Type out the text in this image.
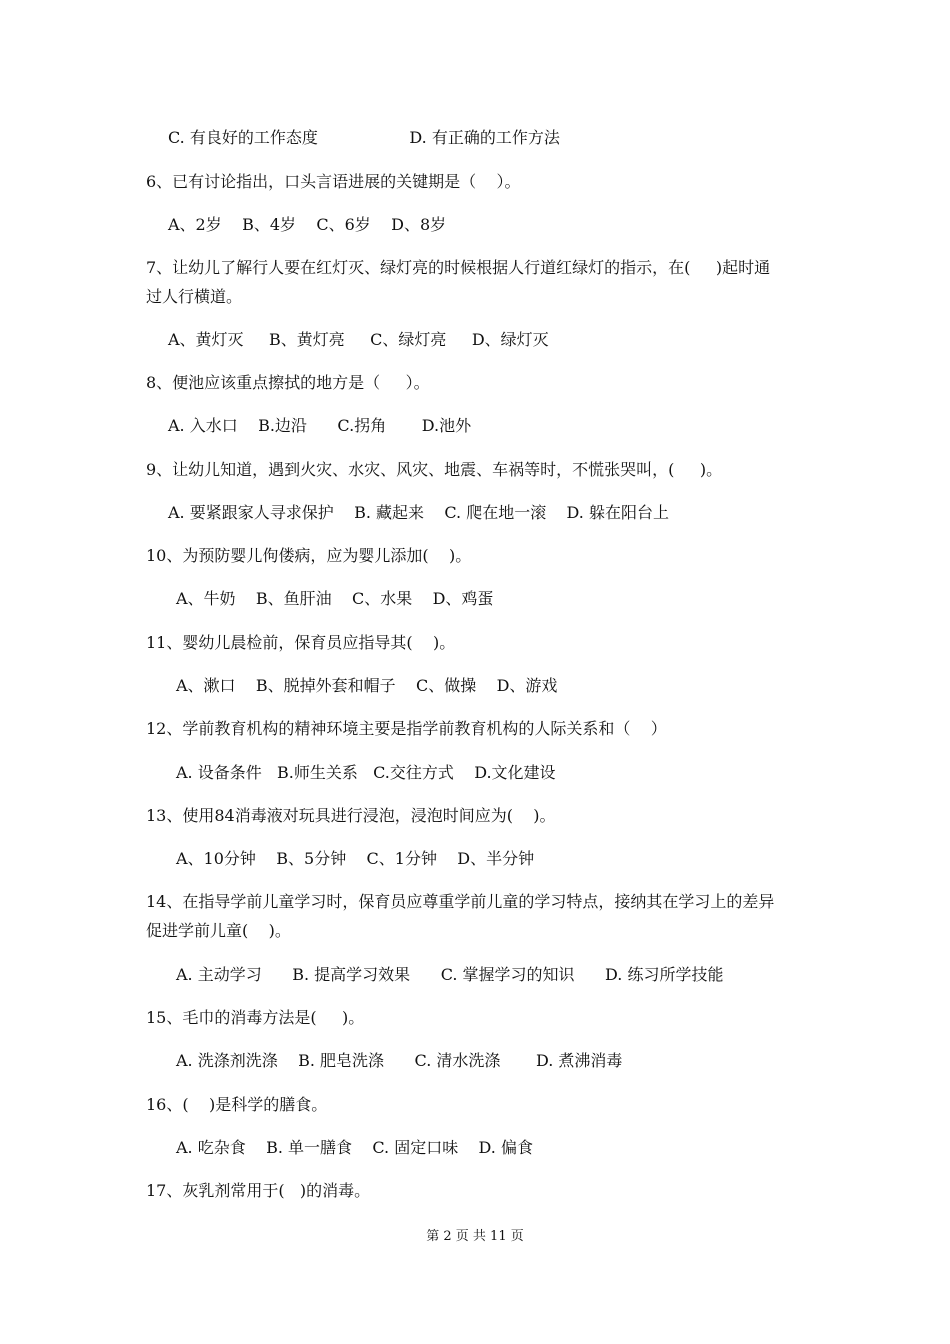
C. 有良好的工作态度                  D. 有正确的工作方法
6、已有讨论指出，口头言语进展的关键期是（    ）。
A、2岁    B、4岁    C、6岁    D、8岁
7、让幼儿了解行人要在红灯灭、绿灯亮的时候根据人行道红绿灯的指示，在(     )起时通
过人行横道。
A、黄灯灭     B、黄灯亮     C、绿灯亮     D、绿灯灭
8、便池应该重点擦拭的地方是（     ）。
A. 入水口    B.边沿      C.拐角       D.池外
9、让幼儿知道，遇到火灾、水灾、风灾、地震、车祸等时，不慌张哭叫，(     )。
A. 要紧跟家人寻求保护    B. 藏起来    C. 爬在地一滚    D. 躲在阳台上
10、为预防婴儿佝偻病，应为婴儿添加(    )。
A、牛奶    B、鱼肝油    C、水果    D、鸡蛋
11、婴幼儿晨检前，保育员应指导其(    )。
A、漱口    B、脱掉外套和帽子    C、做操    D、游戏
12、学前教育机构的精神环境主要是指学前教育机构的人际关系和（    ）
A. 设备条件   B.师生关系   C.交往方式    D.文化建设
13、使用84消毒液对玩具进行浸泡，浸泡时间应为(    )。
A、10分钟    B、5分钟    C、1分钟    D、半分钟
14、在指导学前儿童学习时，保育员应尊重学前儿童的学习特点，接纳其在学习上的差异
促进学前儿童(    )。
A. 主动学习      B. 提高学习效果      C. 掌握学习的知识      D. 练习所学技能
15、毛巾的消毒方法是(     )。
A. 洗涤剂洗涤    B. 肥皂洗涤      C. 清水洗涤       D. 煮沸消毒
16、(    )是科学的膳食。
A. 吃杂食    B. 单一膳食    C. 固定口味    D. 偏食
17、灰乳剂常用于(   )的消毒。
第 2 页 共 11 页
